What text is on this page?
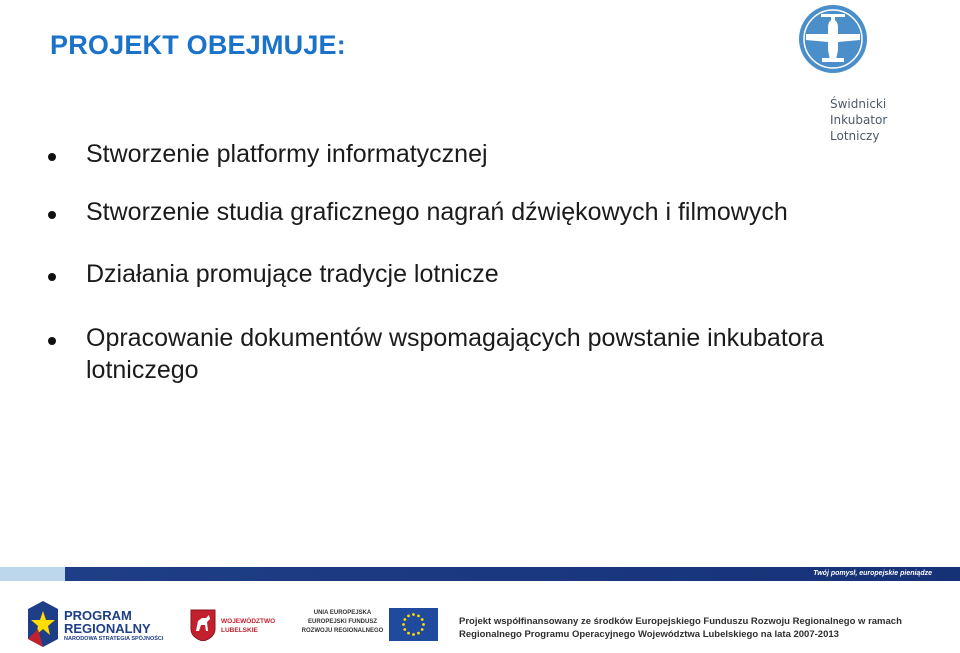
PROJEKT OBEJMUJE:
Świdnicki
Inkubator
Lotniczy
Stworzenie platformy informatycznej
Stworzenie studia graficznego nagrań dźwiękowych i filmowych
Działania promujące tradycje lotnicze
Opracowanie dokumentów wspomagających powstanie inkubatora lotniczego
Twój pomysł, europejskie pieniądze
PROGRAM
REGIONALNY
NARODOWA STRATEGIA SPÓJNOŚCI
WOJEWÓDZTWO
LUBELSKIE
UNIA EUROPEJSKA
EUROPEJSKI FUNDUSZ
ROZWOJU REGIONALNEGO
Projekt współfinansowany ze środków Europejskiego Funduszu Rozwoju Regionalnego w ramach
Regionalnego Programu Operacyjnego Województwa Lubelskiego na lata 2007-2013
